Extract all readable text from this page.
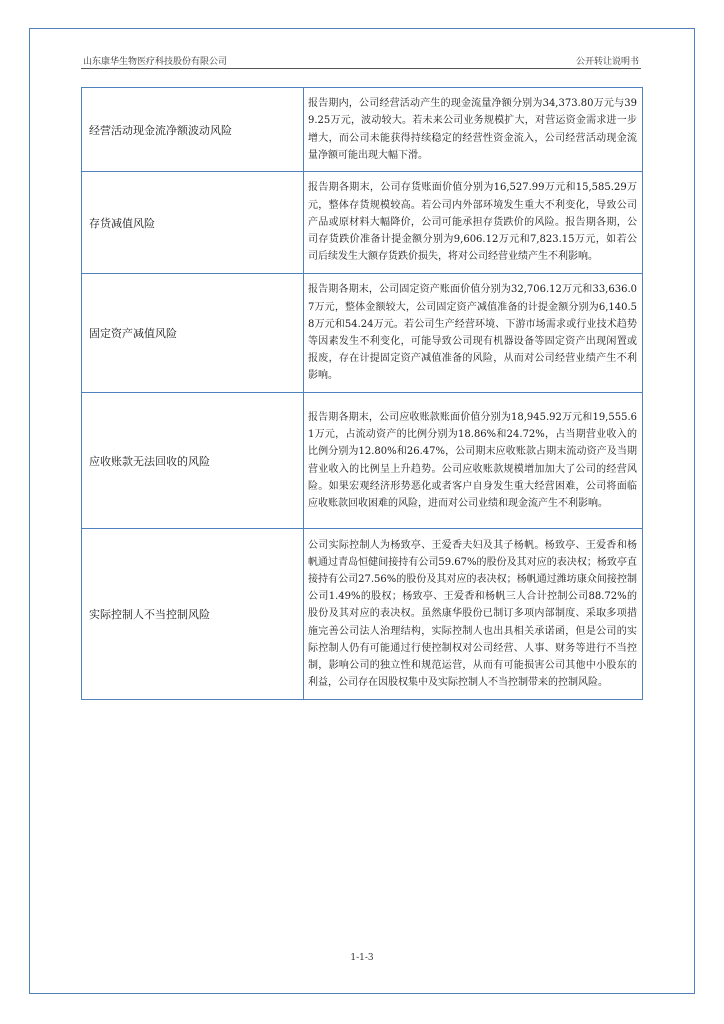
山东康华生物医疗科技股份有限公司	公开转让说明书
经营活动现金流净额波动风险	报告期内，公司经营活动产生的现金流量净额分别为34,373.80万元与399.25万元，波动较大。若未来公司业务规模扩大，对营运资金需求进一步增大，而公司未能获得持续稳定的经营性资金流入，公司经营活动现金流量净额可能出现大幅下滑。
存货减值风险	报告期各期末，公司存货账面价值分别为16,527.99万元和15,585.29万元，整体存货规模较高。若公司内外部环境发生重大不利变化，导致公司产品或原材料大幅降价，公司可能承担存货跌价的风险。报告期各期，公司存货跌价准备计提金额分别为9,606.12万元和7,823.15万元，如若公司后续发生大额存货跌价损失，将对公司经营业绩产生不利影响。
固定资产减值风险	报告期各期末，公司固定资产账面价值分别为32,706.12万元和33,636.07万元，整体金额较大，公司固定资产减值准备的计提金额分别为6,140.58万元和54.24万元。若公司生产经营环境、下游市场需求或行业技术趋势等因素发生不利变化，可能导致公司现有机器设备等固定资产出现闲置或报废，存在计提固定资产减值准备的风险，从而对公司经营业绩产生不利影响。
应收账款无法回收的风险	报告期各期末，公司应收账款账面价值分别为18,945.92万元和19,555.61万元，占流动资产的比例分别为18.86%和24.72%，占当期营业收入的比例分别为12.80%和26.47%，公司期末应收账款占期末流动资产及当期营业收入的比例呈上升趋势。公司应收账款规模增加加大了公司的经营风险。如果宏观经济形势恶化或者客户自身发生重大经营困难，公司将面临应收账款回收困难的风险，进而对公司业绩和现金流产生不利影响。
实际控制人不当控制风险	公司实际控制人为杨致亭、王爱香夫妇及其子杨帆。杨致亭、王爱香和杨帆通过青岛恒健间接持有公司59.67%的股份及其对应的表决权；杨致亭直接持有公司27.56%的股份及其对应的表决权；杨帆通过潍坊康众间接控制公司1.49%的股权；杨致亭、王爱香和杨帆三人合计控制公司88.72%的股份及其对应的表决权。虽然康华股份已制订多项内部制度、采取多项措施完善公司法人治理结构，实际控制人也出具相关承诺函，但是公司的实际控制人仍有可能通过行使控制权对公司经营、人事、财务等进行不当控制，影响公司的独立性和规范运营，从而有可能损害公司其他中小股东的利益，公司存在因股权集中及实际控制人不当控制带来的控制风险。
1-1-3
